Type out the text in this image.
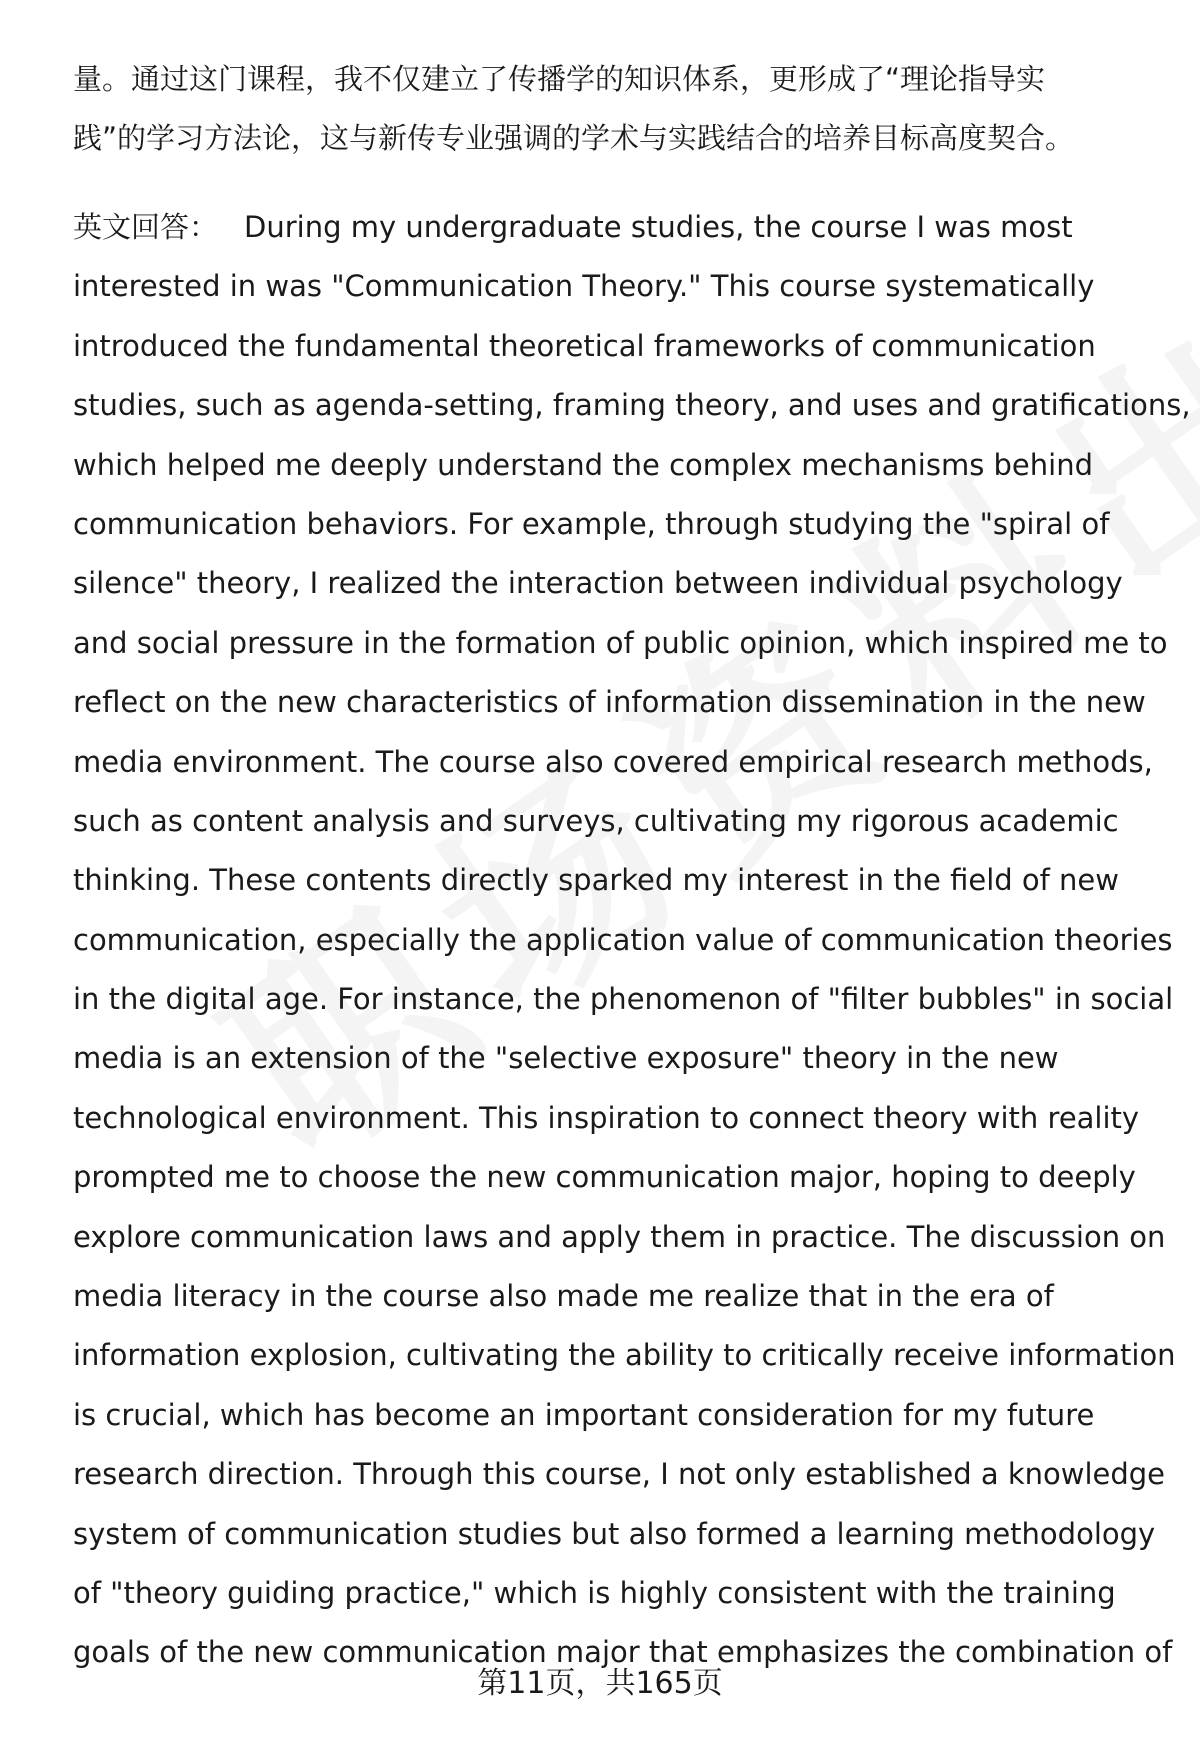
量。通过这门课程，我不仅建立了传播学的知识体系，更形成了“理论指导实
践”的学习方法论，这与新传专业强调的学术与实践结合的培养目标高度契合。
英文回答： During my undergraduate studies, the course I was most
interested in was "Communication Theory." This course systematically
introduced the fundamental theoretical frameworks of communication
studies, such as agenda-setting, framing theory, and uses and gratifications,
which helped me deeply understand the complex mechanisms behind
communication behaviors. For example, through studying the "spiral of
silence" theory, I realized the interaction between individual psychology
and social pressure in the formation of public opinion, which inspired me to
reflect on the new characteristics of information dissemination in the new
media environment. The course also covered empirical research methods,
such as content analysis and surveys, cultivating my rigorous academic
thinking. These contents directly sparked my interest in the field of new
communication, especially the application value of communication theories
in the digital age. For instance, the phenomenon of "filter bubbles" in social
media is an extension of the "selective exposure" theory in the new
technological environment. This inspiration to connect theory with reality
prompted me to choose the new communication major, hoping to deeply
explore communication laws and apply them in practice. The discussion on
media literacy in the course also made me realize that in the era of
information explosion, cultivating the ability to critically receive information
is crucial, which has become an important consideration for my future
research direction. Through this course, I not only established a knowledge
system of communication studies but also formed a learning methodology
of "theory guiding practice," which is highly consistent with the training
goals of the new communication major that emphasizes the combination of
第11页，共165页
